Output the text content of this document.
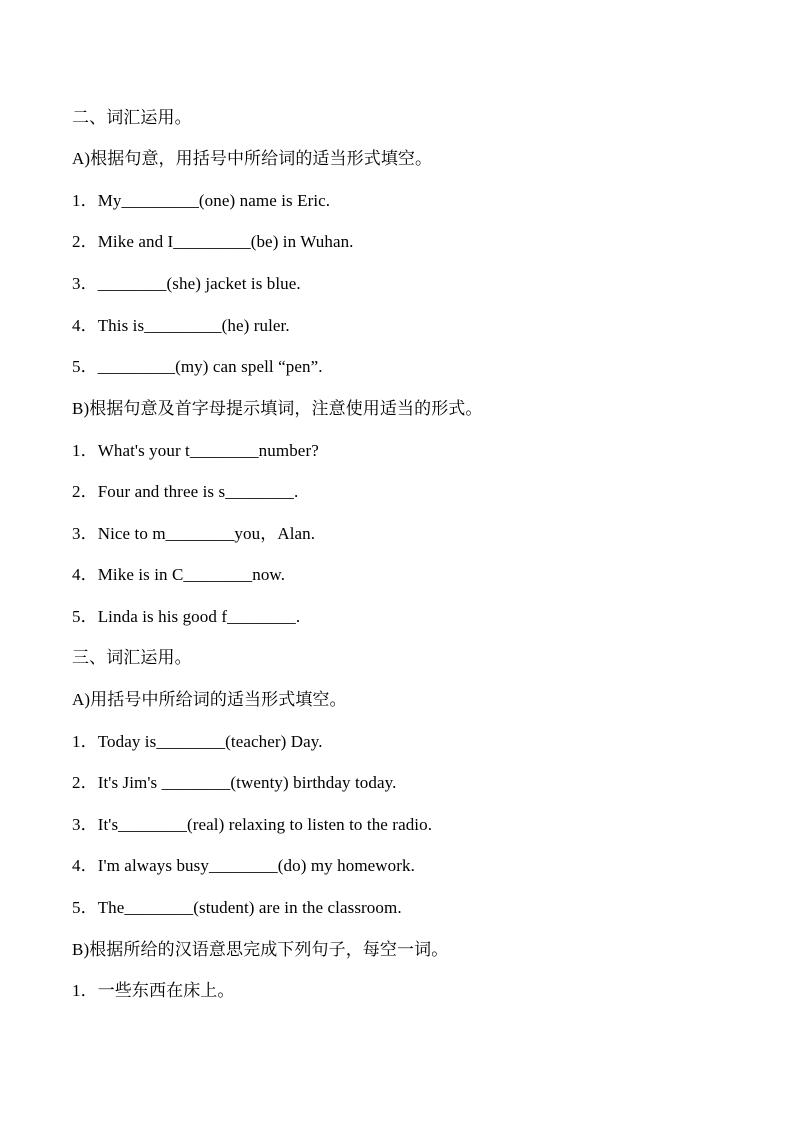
二、词汇运用。
A)根据句意，用括号中所给词的适当形式填空。
1．My_________(one) name is Eric.
2．Mike and I_________(be) in Wuhan.
3．________(she) jacket is blue.
4．This is_________(he) ruler.
5．_________(my) can spell “pen”.
B)根据句意及首字母提示填词，注意使用适当的形式。
1．What's your t________number?
2．Four and three is s________.
3．Nice to m________you，Alan.
4．Mike is in C________now.
5．Linda is his good f________.
三、词汇运用。
A)用括号中所给词的适当形式填空。
1．Today is________(teacher) Day.
2．It's Jim's ________(twenty) birthday today.
3．It's________(real) relaxing to listen to the radio.
4．I'm always busy________(do) my homework.
5．The________(student) are in the classroom.
B)根据所给的汉语意思完成下列句子，每空一词。
1．一些东西在床上。
